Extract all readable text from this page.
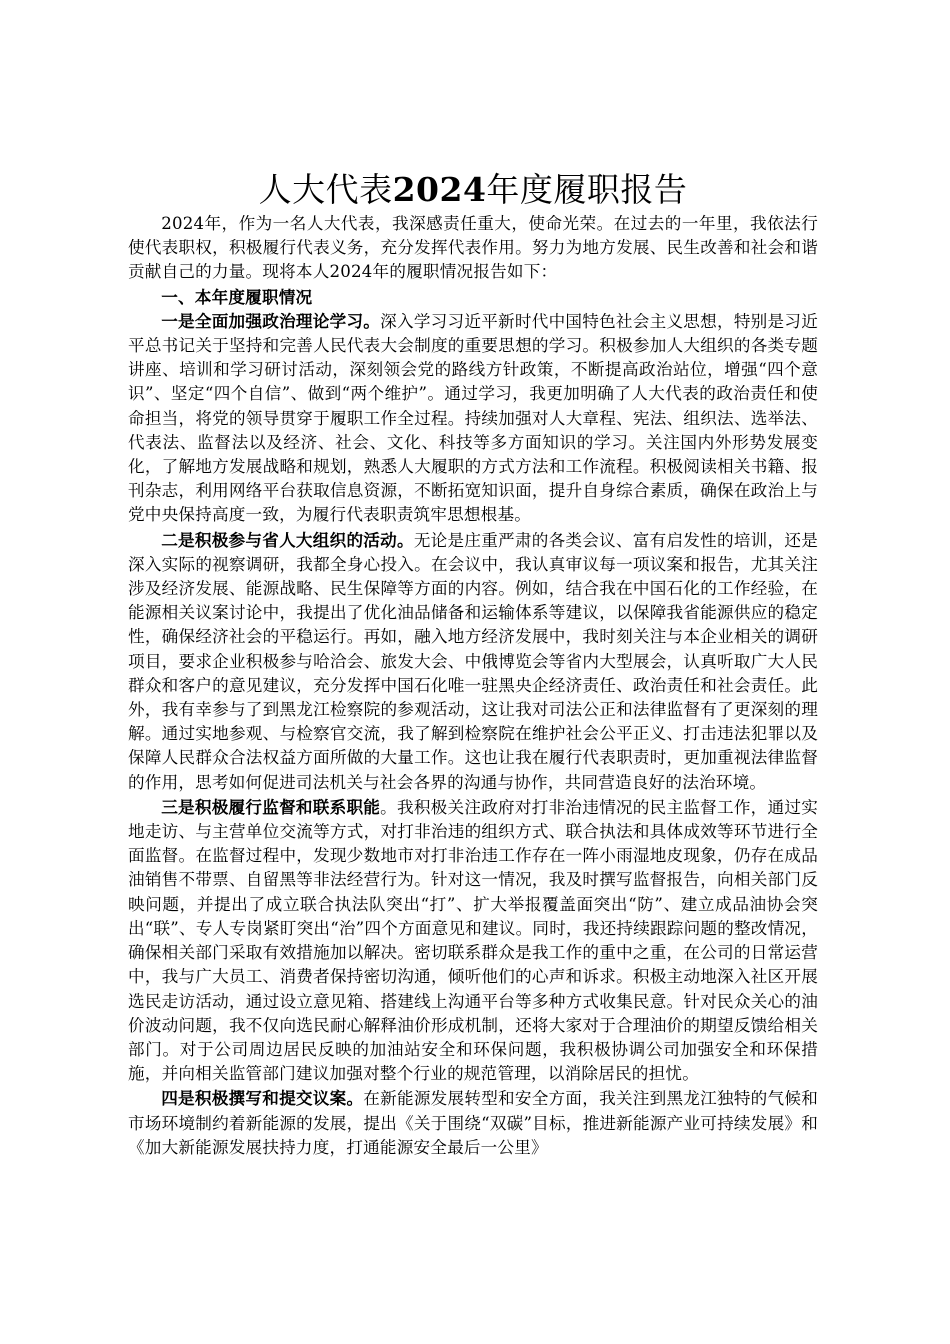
人大代表2024年度履职报告

2024年，作为一名人大代表，我深感责任重大，使命光荣。在过去的一年里，我依法行使代表职权，积极履行代表义务，充分发挥代表作用。努力为地方发展、民生改善和社会和谐贡献自己的力量。现将本人2024年的履职情况报告如下：

一、本年度履职情况

一是全面加强政治理论学习。深入学习习近平新时代中国特色社会主义思想，特别是习近平总书记关于坚持和完善人民代表大会制度的重要思想的学习。积极参加人大组织的各类专题讲座、培训和学习研讨活动，深刻领会党的路线方针政策，不断提高政治站位，增强“四个意识”、坚定“四个自信”、做到“两个维护”。通过学习，我更加明确了人大代表的政治责任和使命担当，将党的领导贯穿于履职工作全过程。持续加强对人大章程、宪法、组织法、选举法、代表法、监督法以及经济、社会、文化、科技等多方面知识的学习。关注国内外形势发展变化，了解地方发展战略和规划，熟悉人大履职的方式方法和工作流程。积极阅读相关书籍、报刊杂志，利用网络平台获取信息资源，不断拓宽知识面，提升自身综合素质，确保在政治上与党中央保持高度一致，为履行代表职责筑牢思想根基。

二是积极参与省人大组织的活动。无论是庄重严肃的各类会议、富有启发性的培训，还是深入实际的视察调研，我都全身心投入。在会议中，我认真审议每一项议案和报告，尤其关注涉及经济发展、能源战略、民生保障等方面的内容。例如，结合我在中国石化的工作经验，在能源相关议案讨论中，我提出了优化油品储备和运输体系等建议，以保障我省能源供应的稳定性，确保经济社会的平稳运行。再如，融入地方经济发展中，我时刻关注与本企业相关的调研项目，要求企业积极参与哈洽会、旅发大会、中俄博览会等省内大型展会，认真听取广大人民群众和客户的意见建议，充分发挥中国石化唯一驻黑央企经济责任、政治责任和社会责任。此外，我有幸参与了到黑龙江检察院的参观活动，这让我对司法公正和法律监督有了更深刻的理解。通过实地参观、与检察官交流，我了解到检察院在维护社会公平正义、打击违法犯罪以及保障人民群众合法权益方面所做的大量工作。这也让我在履行代表职责时，更加重视法律监督的作用，思考如何促进司法机关与社会各界的沟通与协作，共同营造良好的法治环境。

三是积极履行监督和联系职能。我积极关注政府对打非治违情况的民主监督工作，通过实地走访、与主营单位交流等方式，对打非治违的组织方式、联合执法和具体成效等环节进行全面监督。在监督过程中，发现少数地市对打非治违工作存在一阵小雨湿地皮现象，仍存在成品油销售不带票、自留黑等非法经营行为。针对这一情况，我及时撰写监督报告，向相关部门反映问题，并提出了成立联合执法队突出“打”、扩大举报覆盖面突出“防”、建立成品油协会突出“联”、专人专岗紧盯突出“治”四个方面意见和建议。同时，我还持续跟踪问题的整改情况，确保相关部门采取有效措施加以解决。密切联系群众是我工作的重中之重，在公司的日常运营中，我与广大员工、消费者保持密切沟通，倾听他们的心声和诉求。积极主动地深入社区开展选民走访活动，通过设立意见箱、搭建线上沟通平台等多种方式收集民意。针对民众关心的油价波动问题，我不仅向选民耐心解释油价形成机制，还将大家对于合理油价的期望反馈给相关部门。对于公司周边居民反映的加油站安全和环保问题，我积极协调公司加强安全和环保措施，并向相关监管部门建议加强对整个行业的规范管理，以消除居民的担忧。

四是积极撰写和提交议案。在新能源发展转型和安全方面，我关注到黑龙江独特的气候和市场环境制约着新能源的发展，提出《关于围绕“双碳”目标，推进新能源产业可持续发展》和《加大新能源发展扶持力度，打通能源安全最后一公里》
